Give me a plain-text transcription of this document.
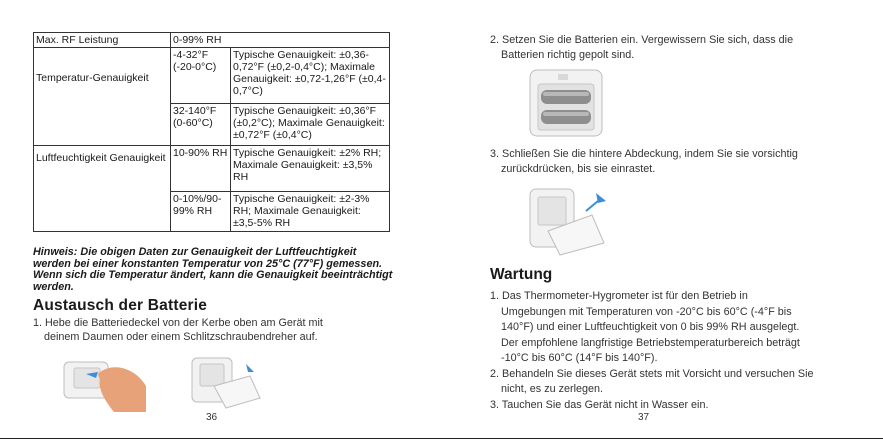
Max. RF Leistung	0-99% RH	
Temperatur-Genauigkeit	-4-32°F (-20-0°C)	Typische Genauigkeit: ±0,36-0,72°F (±0,2-0,4°C); Maximale Genauigkeit: ±0,72-1,26°F (±0,4-0,7°C)
	32-140°F (0-60°C)	Typische Genauigkeit: ±0,36°F (±0,2°C); Maximale Genauigkeit: ±0,72°F (±0,4°C)
Luftfeuchtigkeit Genauigkeit	10-90% RH	Typische Genauigkeit: ±2% RH; Maximale Genauigkeit: ±3,5% RH
	0-10%/90-99% RH	Typische Genauigkeit: ±2-3% RH; Maximale Genauigkeit: ±3,5-5% RH
Hinweis: Die obigen Daten zur Genauigkeit der Luftfeuchtigkeit werden bei einer konstanten Temperatur von 25°C (77°F) gemessen. Wenn sich die Temperatur ändert, kann die Genauigkeit beeinträchtigt werden.
Austausch der Batterie
1. Hebe die Batteriedeckel von der Kerbe oben am Gerät mit
deinem Daumen oder einem Schlitzschraubendreher auf.
36
2. Setzen Sie die Batterien ein. Vergewissern Sie sich, dass die
Batterien richtig gepolt sind.
3. Schließen Sie die hintere Abdeckung, indem Sie sie vorsichtig
zurückdrücken, bis sie einrastet.
Wartung
1. Das Thermometer-Hygrometer ist für den Betrieb in
Umgebungen mit Temperaturen von -20°C bis 60°C (-4°F bis
140°F) und einer Luftfeuchtigkeit von 0 bis 99% RH ausgelegt.
Der empfohlene langfristige Betriebstemperaturbereich beträgt
-10°C bis 60°C (14°F bis 140°F).
2. Behandeln Sie dieses Gerät stets mit Vorsicht und versuchen Sie
nicht, es zu zerlegen.
3. Tauchen Sie das Gerät nicht in Wasser ein.
37
